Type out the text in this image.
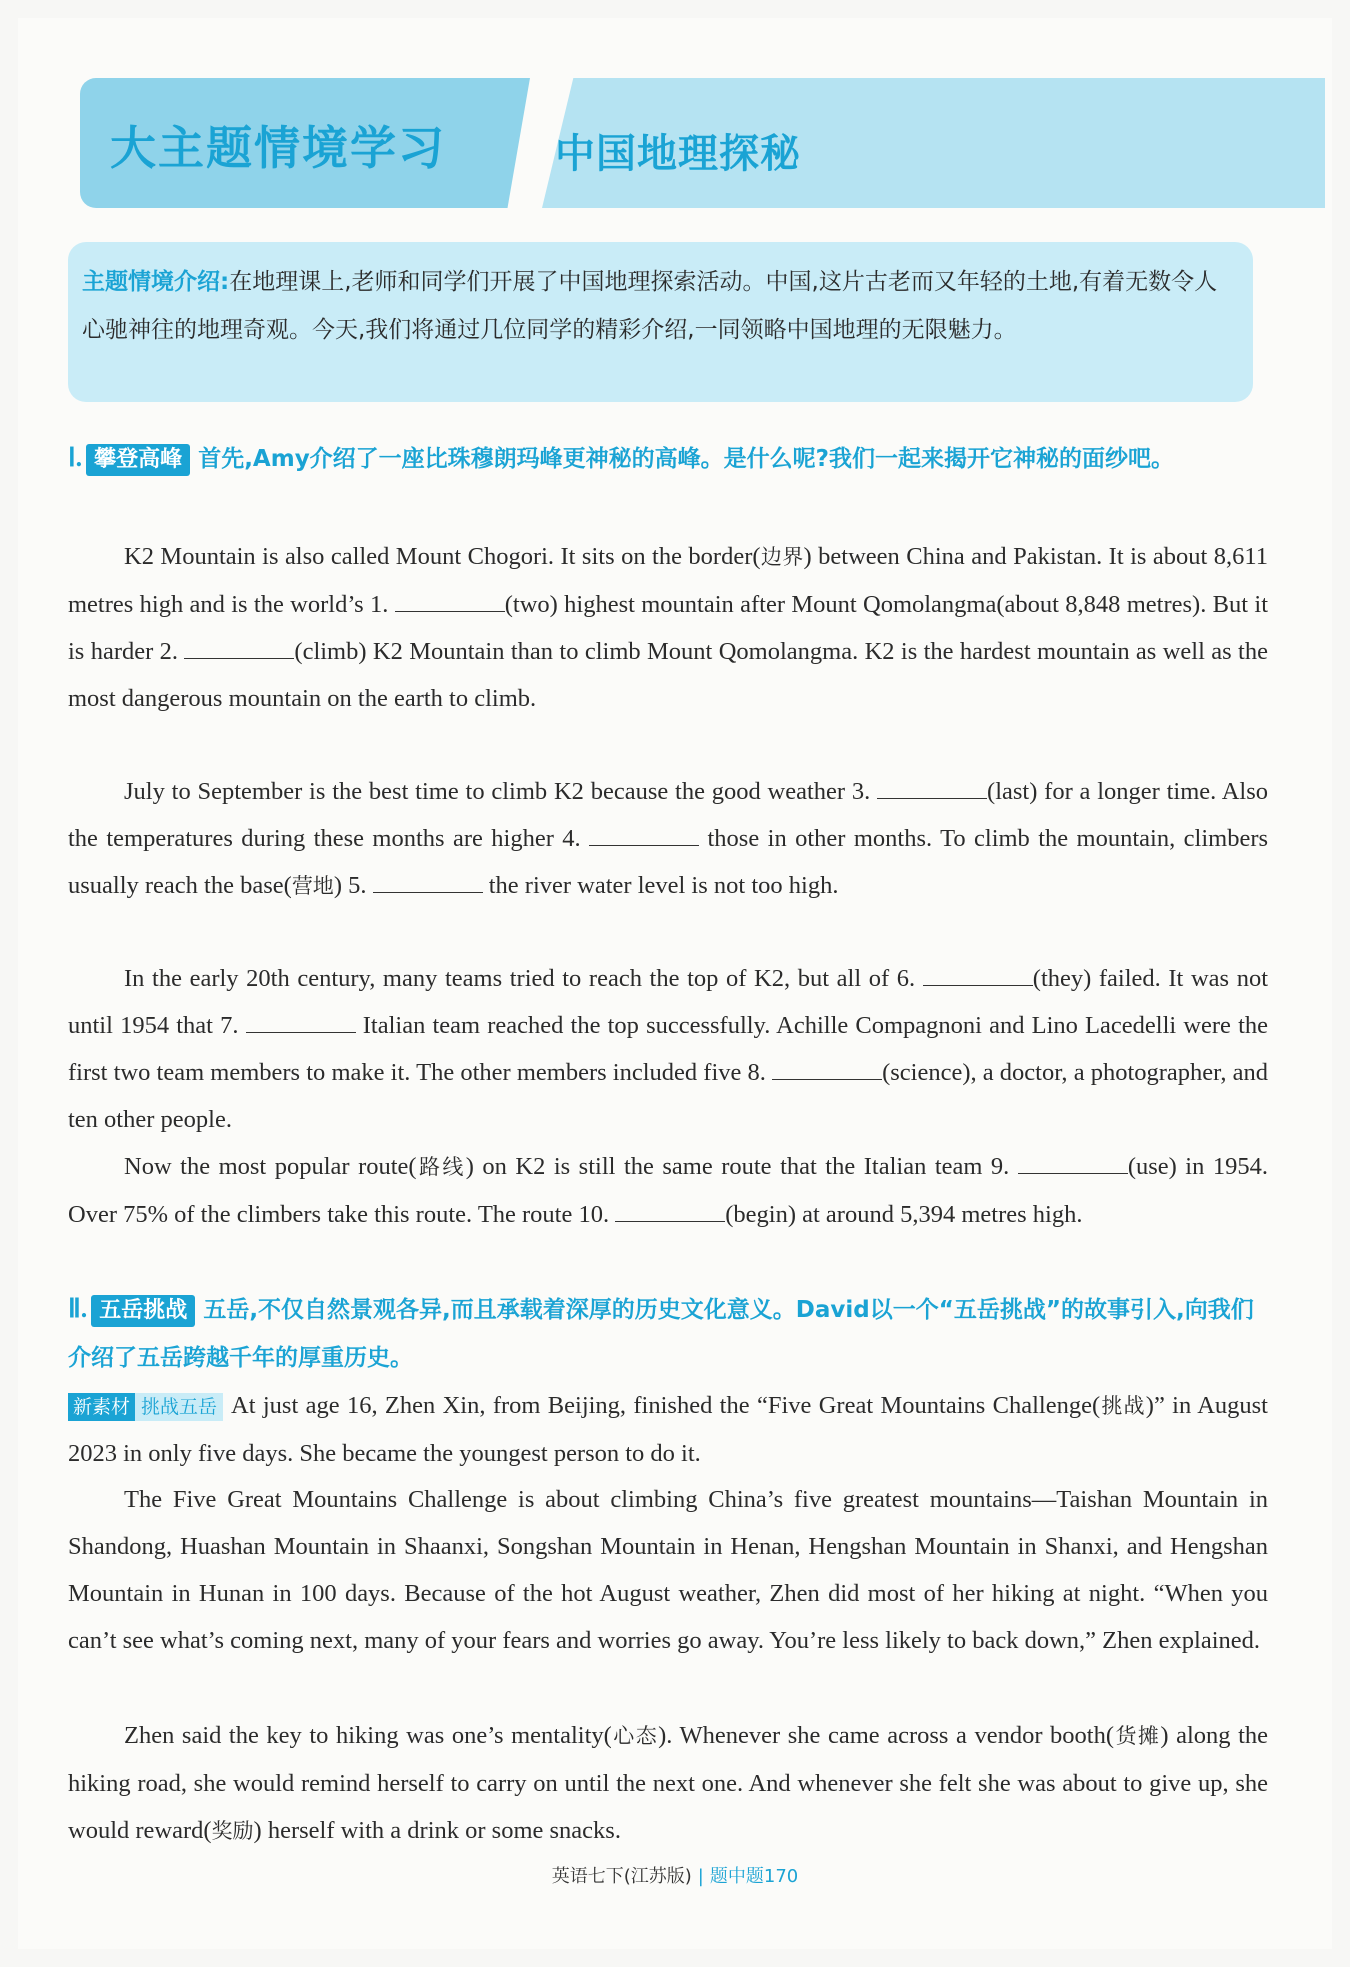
大主题情境学习	中国地理探秘
主题情境介绍:在地理课上,老师和同学们开展了中国地理探索活动。中国,这片古老而又年轻的土地,有着无数令人心驰神往的地理奇观。今天,我们将通过几位同学的精彩介绍,一同领略中国地理的无限魅力。
Ⅰ. 攀登高峰 首先,Amy介绍了一座比珠穆朗玛峰更神秘的高峰。是什么呢?我们一起来揭开它神秘的面纱吧。
K2 Mountain is also called Mount Chogori. It sits on the border(边界) between China and Pakistan. It is about 8,611 metres high and is the world’s 1.	(two) highest mountain after Mount Qomolangma(about 8,848 metres). But it is harder 2.	(climb) K2 Mountain than to climb Mount Qomolangma. K2 is the hardest mountain as well as the most dangerous mountain on the earth to climb.
July to September is the best time to climb K2 because the good weather 3.	(last) for a longer time. Also the temperatures during these months are higher 4.	those in other months. To climb the mountain, climbers usually reach the base(营地) 5.	the river water level is not too high.
In the early 20th century, many teams tried to reach the top of K2, but all of 6.	(they) failed. It was not until 1954 that 7.	Italian team reached the top successfully. Achille Compagnoni and Lino Lacedelli were the first two team members to make it. The other members included five 8.	(science), a doctor, a photographer, and ten other people.
Now the most popular route(路线) on K2 is still the same route that the Italian team 9.	(use) in 1954. Over 75% of the climbers take this route. The route 10.	(begin) at around 5,394 metres high.
Ⅱ. 五岳挑战 五岳,不仅自然景观各异,而且承载着深厚的历史文化意义。David以一个“五岳挑战”的故事引入,向我们介绍了五岳跨越千年的厚重历史。
新素材 挑战五岳 At just age 16, Zhen Xin, from Beijing, finished the “Five Great Mountains Challenge(挑战)” in August 2023 in only five days. She became the youngest person to do it.
The Five Great Mountains Challenge is about climbing China’s five greatest mountains—Taishan Mountain in Shandong, Huashan Mountain in Shaanxi, Songshan Mountain in Henan, Hengshan Mountain in Shanxi, and Hengshan Mountain in Hunan in 100 days. Because of the hot August weather, Zhen did most of her hiking at night. “When you can’t see what’s coming next, many of your fears and worries go away. You’re less likely to back down,” Zhen explained.
Zhen said the key to hiking was one’s mentality(心态). Whenever she came across a vendor booth(货摊) along the hiking road, she would remind herself to carry on until the next one. And whenever she felt she was about to give up, she would reward(奖励) herself with a drink or some snacks.
英语七下(江苏版) | 题中题170
